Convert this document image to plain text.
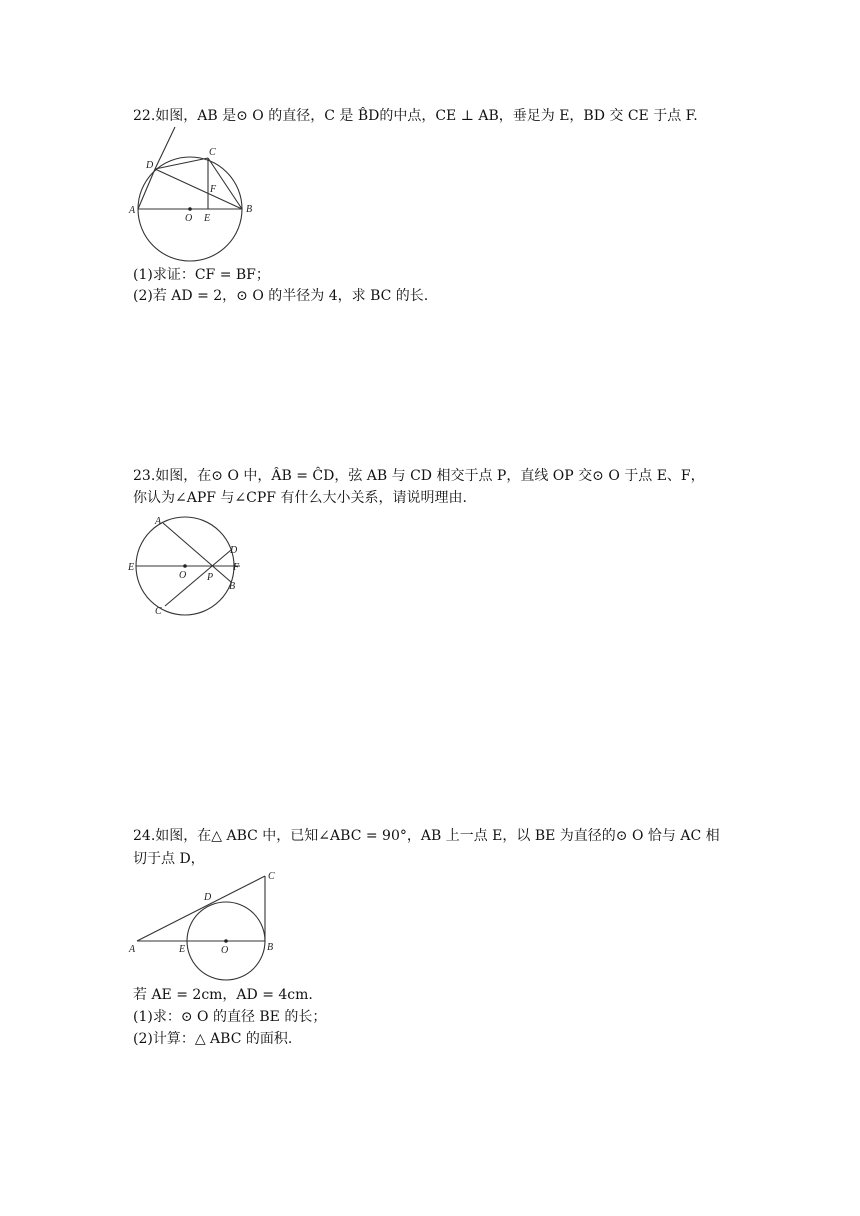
22.如图，AB 是⊙ O 的直径，C 是 B̂D的中点，CE ⊥ AB，垂足为 E，BD 交 CE 于点 F.
A	B
C
D
E
F
O
(1)求证：CF = BF；
(2)若 AD = 2，⊙ O 的半径为 4，求 BC 的长.
23.如图，在⊙ O 中，ÂB = ĈD，弦 AB 与 CD 相交于点 P，直线 OP 交⊙ O 于点 E、F，
你认为∠APF 与∠CPF 有什么大小关系，请说明理由.
A
B
C
D
E	F
O P
24.如图，在△ ABC 中，已知∠ABC = 90°，AB 上一点 E，以 BE 为直径的⊙ O 恰与 AC 相
切于点 D，
A	B
C
D
E	O
若 AE = 2cm，AD = 4cm.
(1)求：⊙ O 的直径 BE 的长；
(2)计算：△ ABC 的面积.
